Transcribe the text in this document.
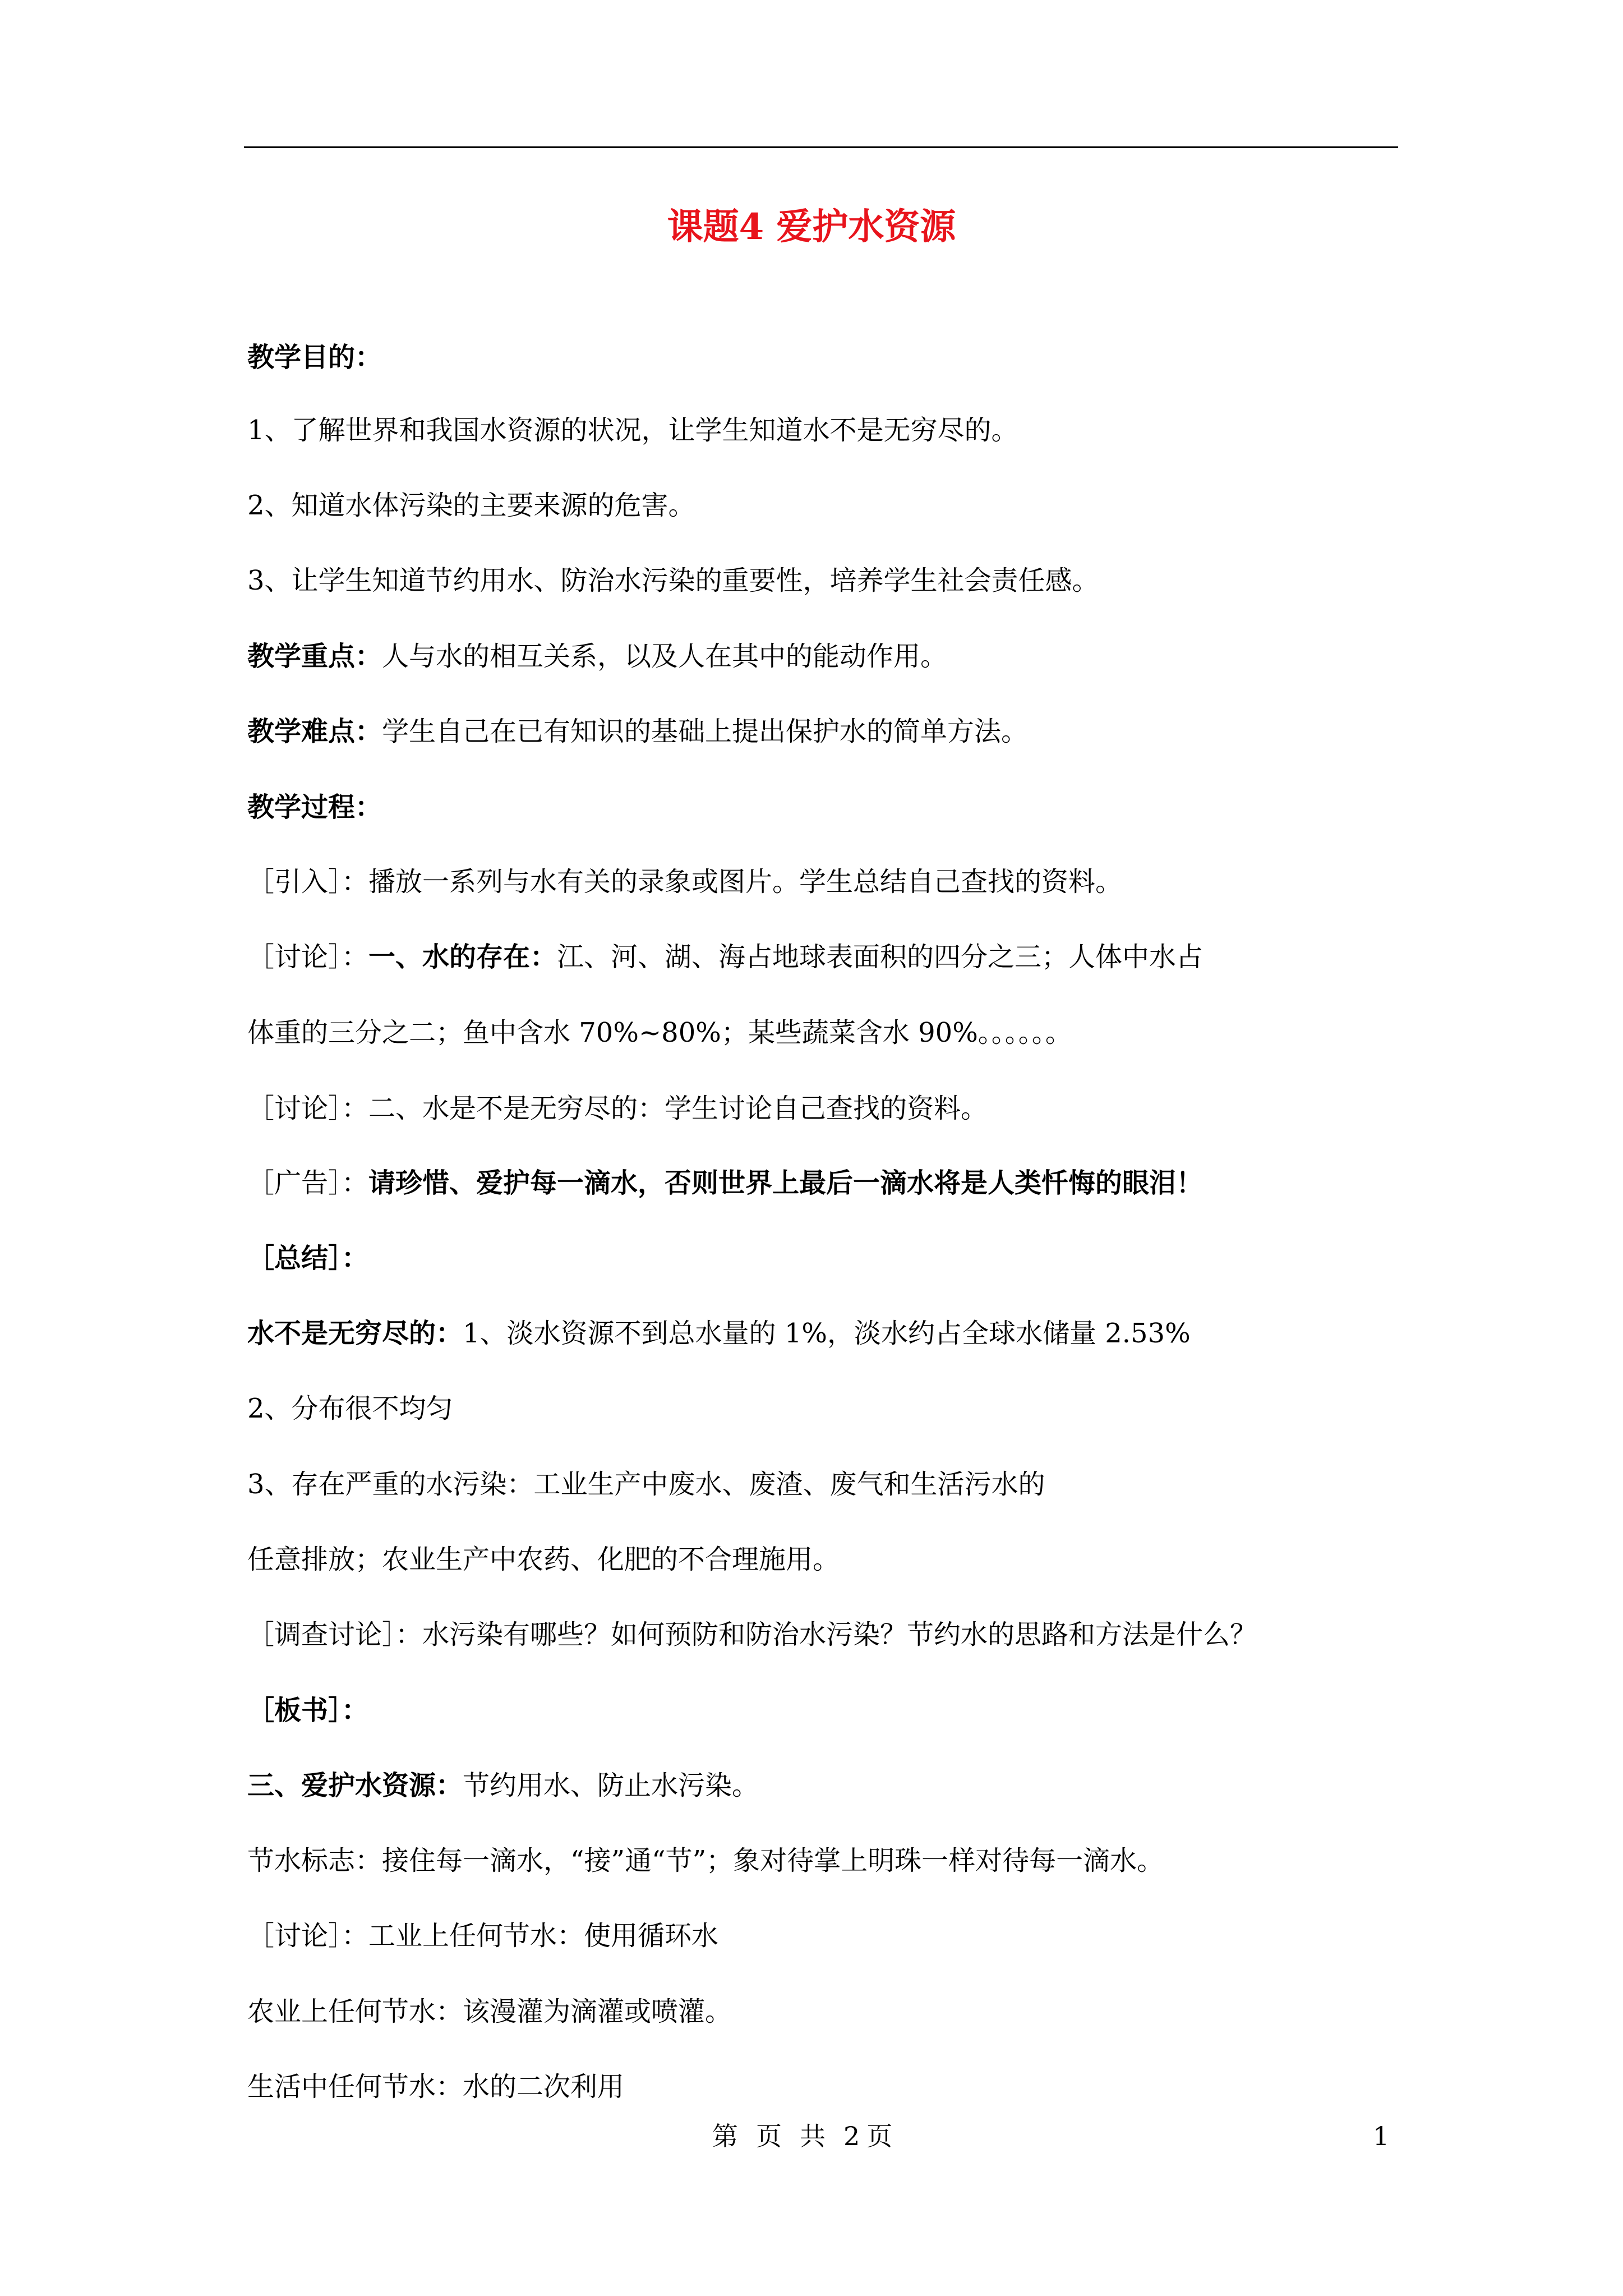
课题4 爱护水资源
教学目的：
1、了解世界和我国水资源的状况，让学生知道水不是无穷尽的。
2、知道水体污染的主要来源的危害。
3、让学生知道节约用水、防治水污染的重要性，培养学生社会责任感。
教学重点：人与水的相互关系，以及人在其中的能动作用。
教学难点：学生自己在已有知识的基础上提出保护水的简单方法。
教学过程：
［引入］：播放一系列与水有关的录象或图片。学生总结自己查找的资料。
［讨论］：一、水的存在：江、河、湖、海占地球表面积的四分之三；人体中水占
体重的三分之二；鱼中含水 70%~80%；某些蔬菜含水 90%。。。。。。
［讨论］：二、水是不是无穷尽的：学生讨论自己查找的资料。
［广告］：请珍惜、爱护每一滴水，否则世界上最后一滴水将是人类忏悔的眼泪！
［总结］：
水不是无穷尽的：1、淡水资源不到总水量的 1%，淡水约占全球水储量 2.53%
2、分布很不均匀
3、存在严重的水污染：工业生产中废水、废渣、废气和生活污水的
任意排放；农业生产中农药、化肥的不合理施用。
［调查讨论］：水污染有哪些？如何预防和防治水污染？节约水的思路和方法是什么？
［板书］：
三、爱护水资源：节约用水、防止水污染。
节水标志：接住每一滴水，“接”通“节”；象对待掌上明珠一样对待每一滴水。
［讨论］：工业上任何节水：使用循环水
农业上任何节水：该漫灌为滴灌或喷灌。
生活中任何节水：水的二次利用
第 页 共 2 页	1
